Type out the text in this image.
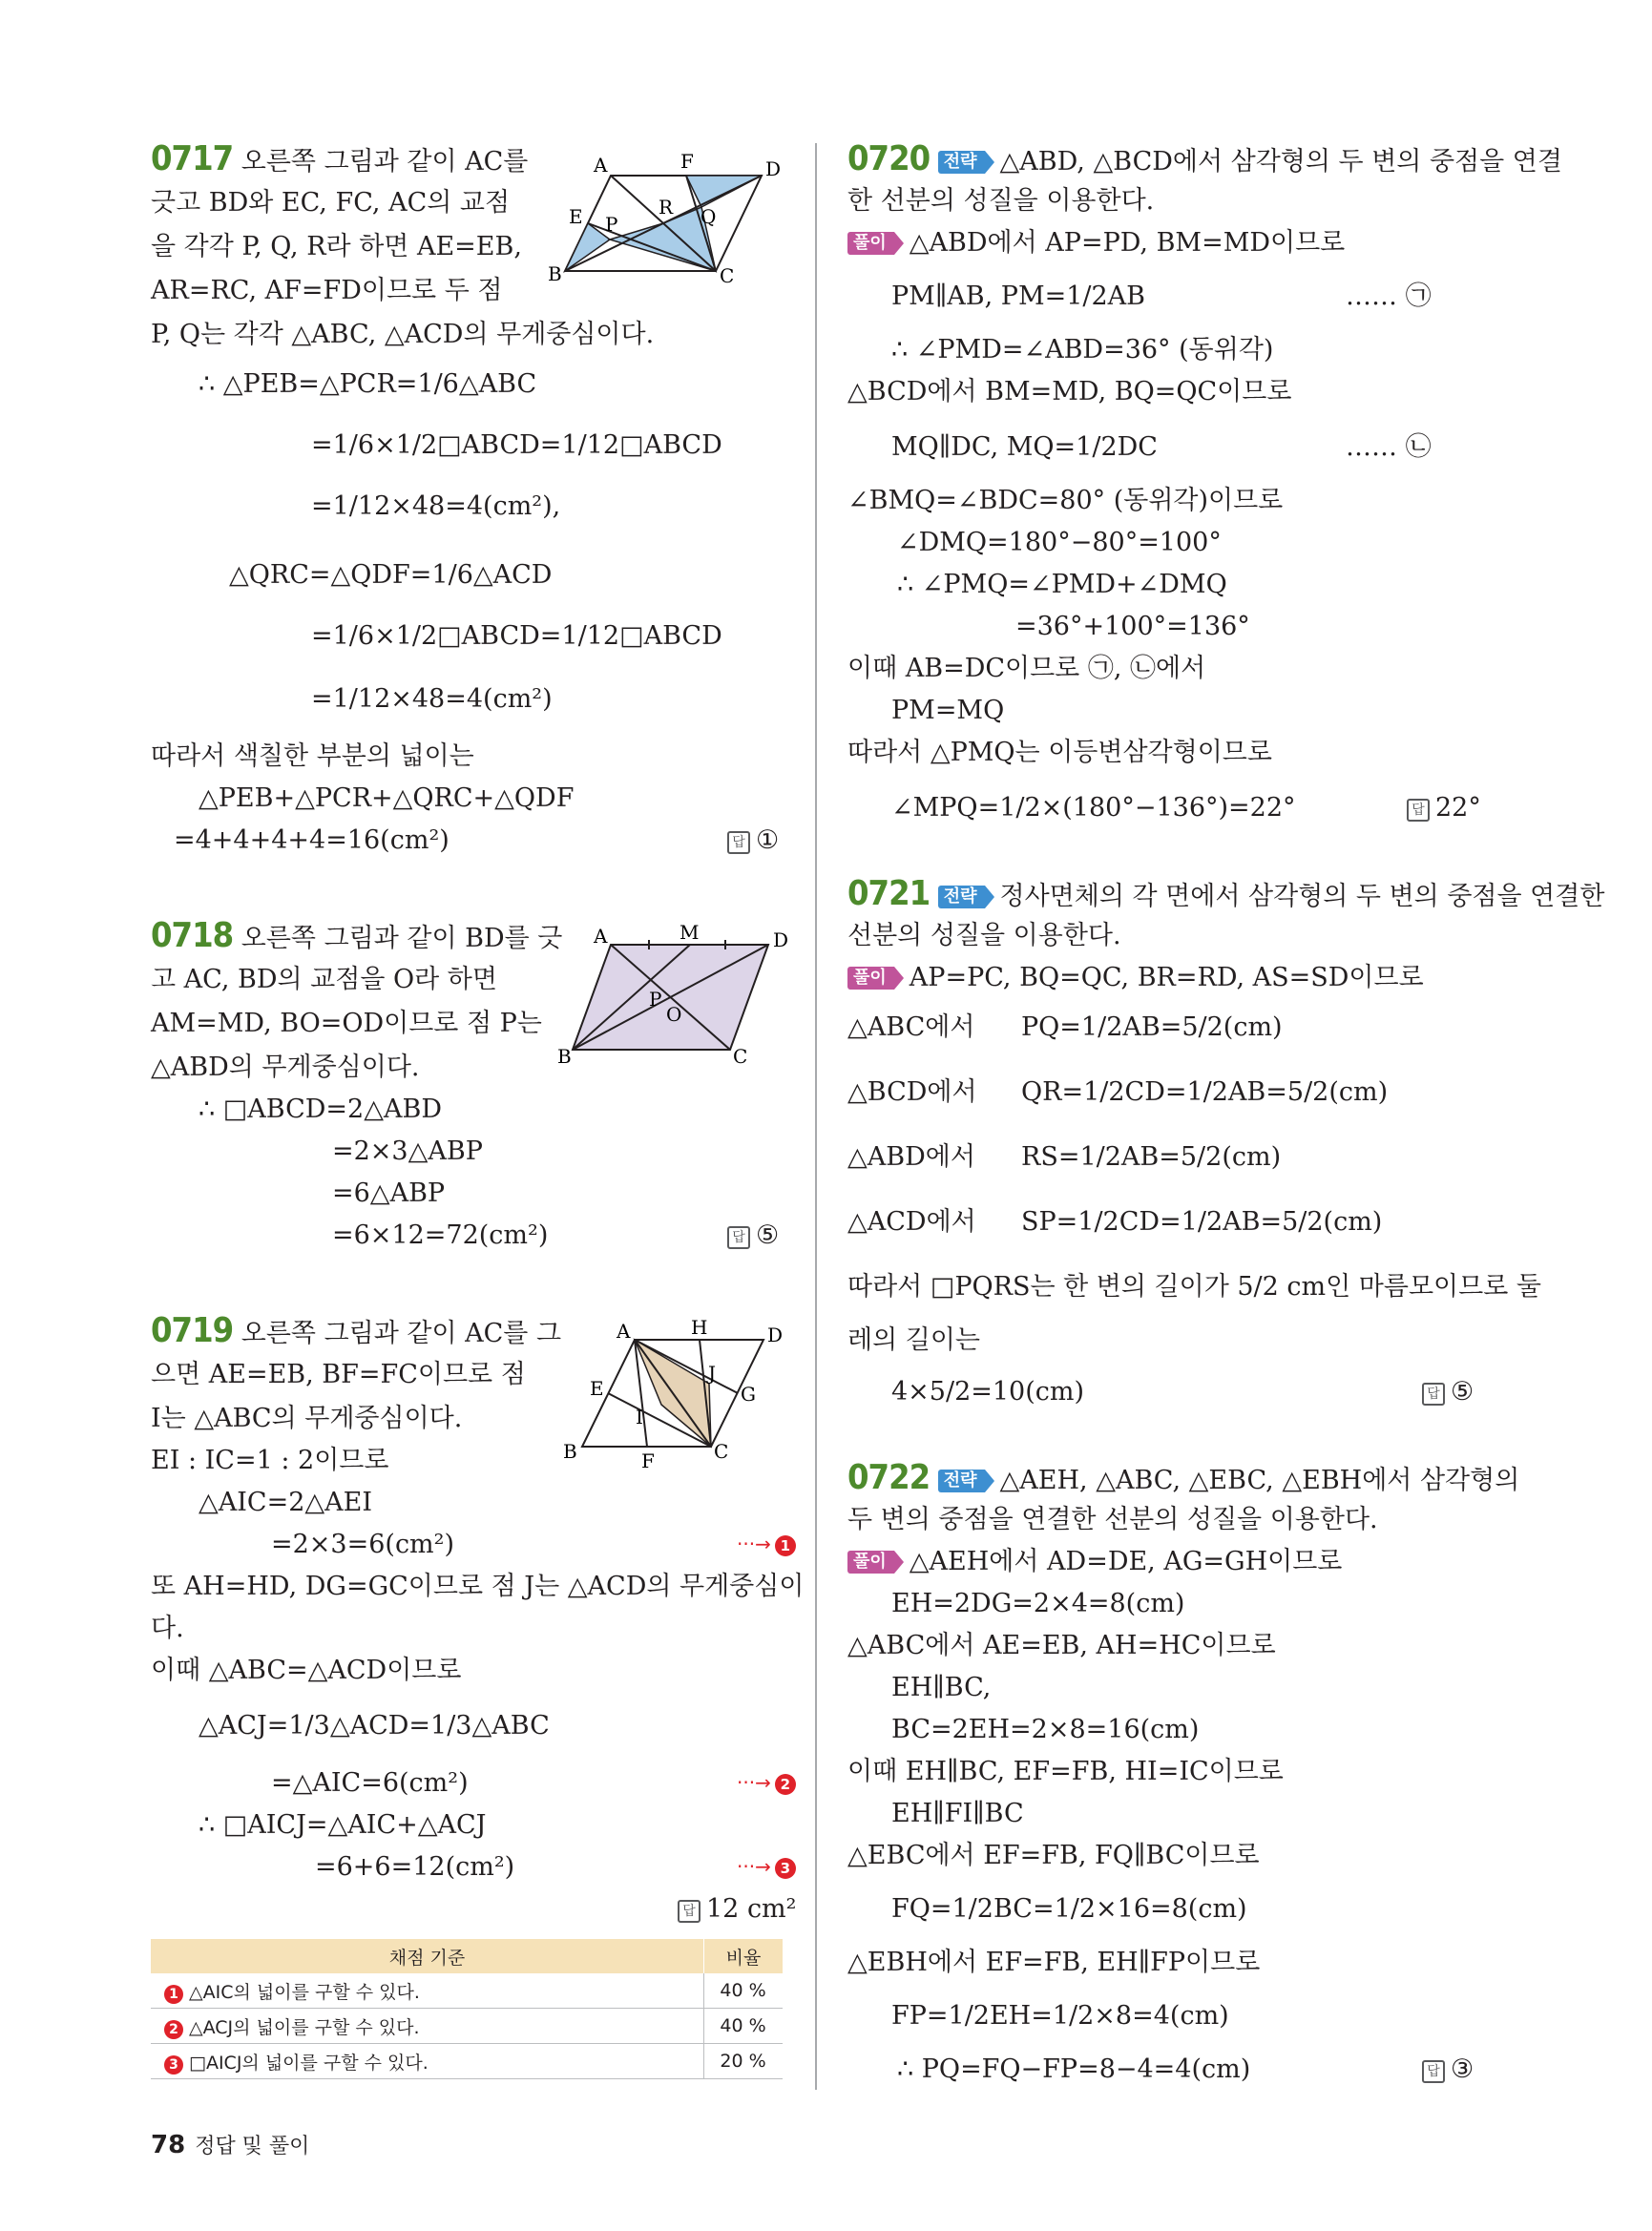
0717 오른쪽 그림과 같이 AC를
긋고 BD와 EC, FC, AC의 교점
을 각각 P, Q, R라 하면 AE=EB,
AR=RC, AF=FD이므로 두 점
P, Q는 각각 △ABC, △ACD의 무게중심이다.
∴ △PEB=△PCR=1/6△ABC
=1/6×1/2□ABCD=1/12□ABCD
=1/12×48=4(cm²),
△QRC=△QDF=1/6△ACD
=1/6×1/2□ABCD=1/12□ABCD
=1/12×48=4(cm²)
따라서 색칠한 부분의 넓이는
△PEB+△PCR+△QRC+△QDF
=4+4+4+4=16(cm²)	답 ①
A	F	D
E	R Q
P
B	C
0718 오른쪽 그림과 같이 BD를 긋
고 AC, BD의 교점을 O라 하면
AM=MD, BO=OD이므로 점 P는
△ABD의 무게중심이다.
∴ □ABCD=2△ABD
=2×3△ABP
=6△ABP
=6×12=72(cm²)	답 ⑤
A	M	D
P
O
B	C
0719 오른쪽 그림과 같이 AC를 그
으면 AE=EB, BF=FC이므로 점
I는 △ABC의 무게중심이다.
EI : IC=1 : 2이므로
△AIC=2△AEI
=2×3=6(cm²)	···→ 1
또 AH=HD, DG=GC이므로 점 J는 △ACD의 무게중심이
다.
이때 △ABC=△ACD이므로
△ACJ=1/3△ACD=1/3△ABC
=△AIC=6(cm²)	···→ 2
∴ □AICJ=△AIC+△ACJ
=6+6=12(cm²)	···→ 3
답 12 cm²
A	H	D
J
E	G
I
B	F	C
채점 기준	비율
1 △AIC의 넓이를 구할 수 있다.	40 %
2 △ACJ의 넓이를 구할 수 있다.	40 %
3 □AICJ의 넓이를 구할 수 있다.	20 %
78 정답 및 풀이
0720 전략 △ABD, △BCD에서 삼각형의 두 변의 중점을 연결
한 선분의 성질을 이용한다.
풀이 △ABD에서 AP=PD, BM=MD이므로
PM∥AB, PM=1/2AB	…… ㉠
∴ ∠PMD=∠ABD=36° (동위각)
△BCD에서 BM=MD, BQ=QC이므로
MQ∥DC, MQ=1/2DC	…… ㉡
∠BMQ=∠BDC=80° (동위각)이므로
∠DMQ=180°−80°=100°
∴ ∠PMQ=∠PMD+∠DMQ
=36°+100°=136°
이때 AB=DC이므로 ㉠, ㉡에서
PM=MQ
따라서 △PMQ는 이등변삼각형이므로
∠MPQ=1/2×(180°−136°)=22°	답 22°
0721 전략 정사면체의 각 면에서 삼각형의 두 변의 중점을 연결한
선분의 성질을 이용한다.
풀이 AP=PC, BQ=QC, BR=RD, AS=SD이므로
△ABC에서 PQ=1/2AB=5/2(cm)
△BCD에서 QR=1/2CD=1/2AB=5/2(cm)
△ABD에서 RS=1/2AB=5/2(cm)
△ACD에서 SP=1/2CD=1/2AB=5/2(cm)
따라서 □PQRS는 한 변의 길이가 5/2 cm인 마름모이므로 둘
레의 길이는
4×5/2=10(cm)	답 ⑤
0722 전략 △AEH, △ABC, △EBC, △EBH에서 삼각형의
두 변의 중점을 연결한 선분의 성질을 이용한다.
풀이 △AEH에서 AD=DE, AG=GH이므로
EH=2DG=2×4=8(cm)
△ABC에서 AE=EB, AH=HC이므로
EH∥BC,
BC=2EH=2×8=16(cm)
이때 EH∥BC, EF=FB, HI=IC이므로
EH∥FI∥BC
△EBC에서 EF=FB, FQ∥BC이므로
FQ=1/2BC=1/2×16=8(cm)
△EBH에서 EF=FB, EH∥FP이므로
FP=1/2EH=1/2×8=4(cm)
∴ PQ=FQ−FP=8−4=4(cm)	답 ③
